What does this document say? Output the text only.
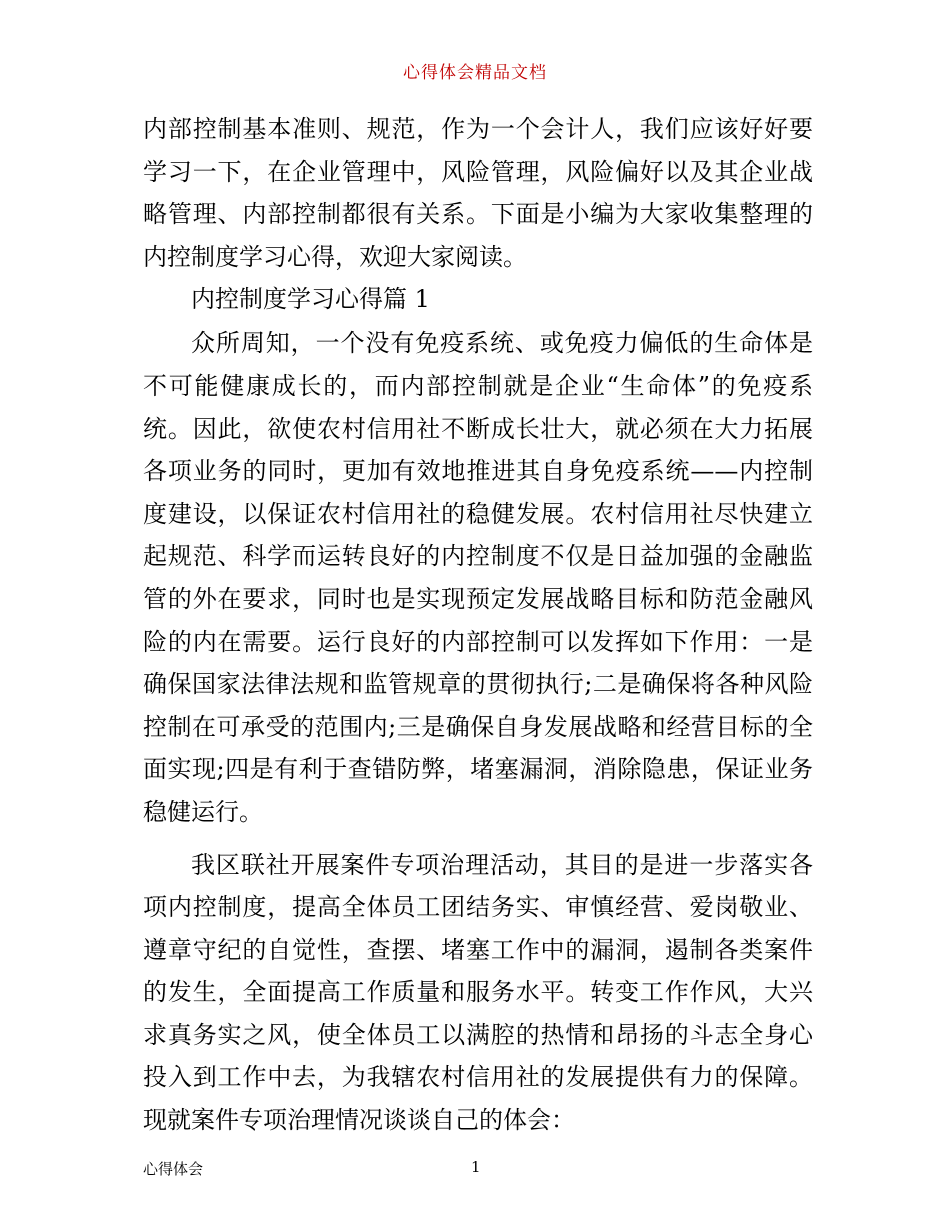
心得体会精品文档

内部控制基本准则、规范，作为一个会计人，我们应该好好要学习一下，在企业管理中，风险管理，风险偏好以及其企业战略管理、内部控制都很有关系。下面是小编为大家收集整理的内控制度学习心得，欢迎大家阅读。

内控制度学习心得篇 1

众所周知，一个没有免疫系统、或免疫力偏低的生命体是不可能健康成长的，而内部控制就是企业“生命体”的免疫系统。因此，欲使农村信用社不断成长壮大，就必须在大力拓展各项业务的同时，更加有效地推进其自身免疫系统——内控制度建设，以保证农村信用社的稳健发展。农村信用社尽快建立起规范、科学而运转良好的内控制度不仅是日益加强的金融监管的外在要求，同时也是实现预定发展战略目标和防范金融风险的内在需要。运行良好的内部控制可以发挥如下作用：一是确保国家法律法规和监管规章的贯彻执行;二是确保将各种风险控制在可承受的范围内;三是确保自身发展战略和经营目标的全面实现;四是有利于查错防弊，堵塞漏洞，消除隐患，保证业务稳健运行。

我区联社开展案件专项治理活动，其目的是进一步落实各项内控制度，提高全体员工团结务实、审慎经营、爱岗敬业、遵章守纪的自觉性，查摆、堵塞工作中的漏洞，遏制各类案件的发生，全面提高工作质量和服务水平。转变工作作风，大兴求真务实之风，使全体员工以满腔的热情和昂扬的斗志全身心投入到工作中去，为我辖农村信用社的发展提供有力的保障。现就案件专项治理情况谈谈自己的体会：

心得体会	1
